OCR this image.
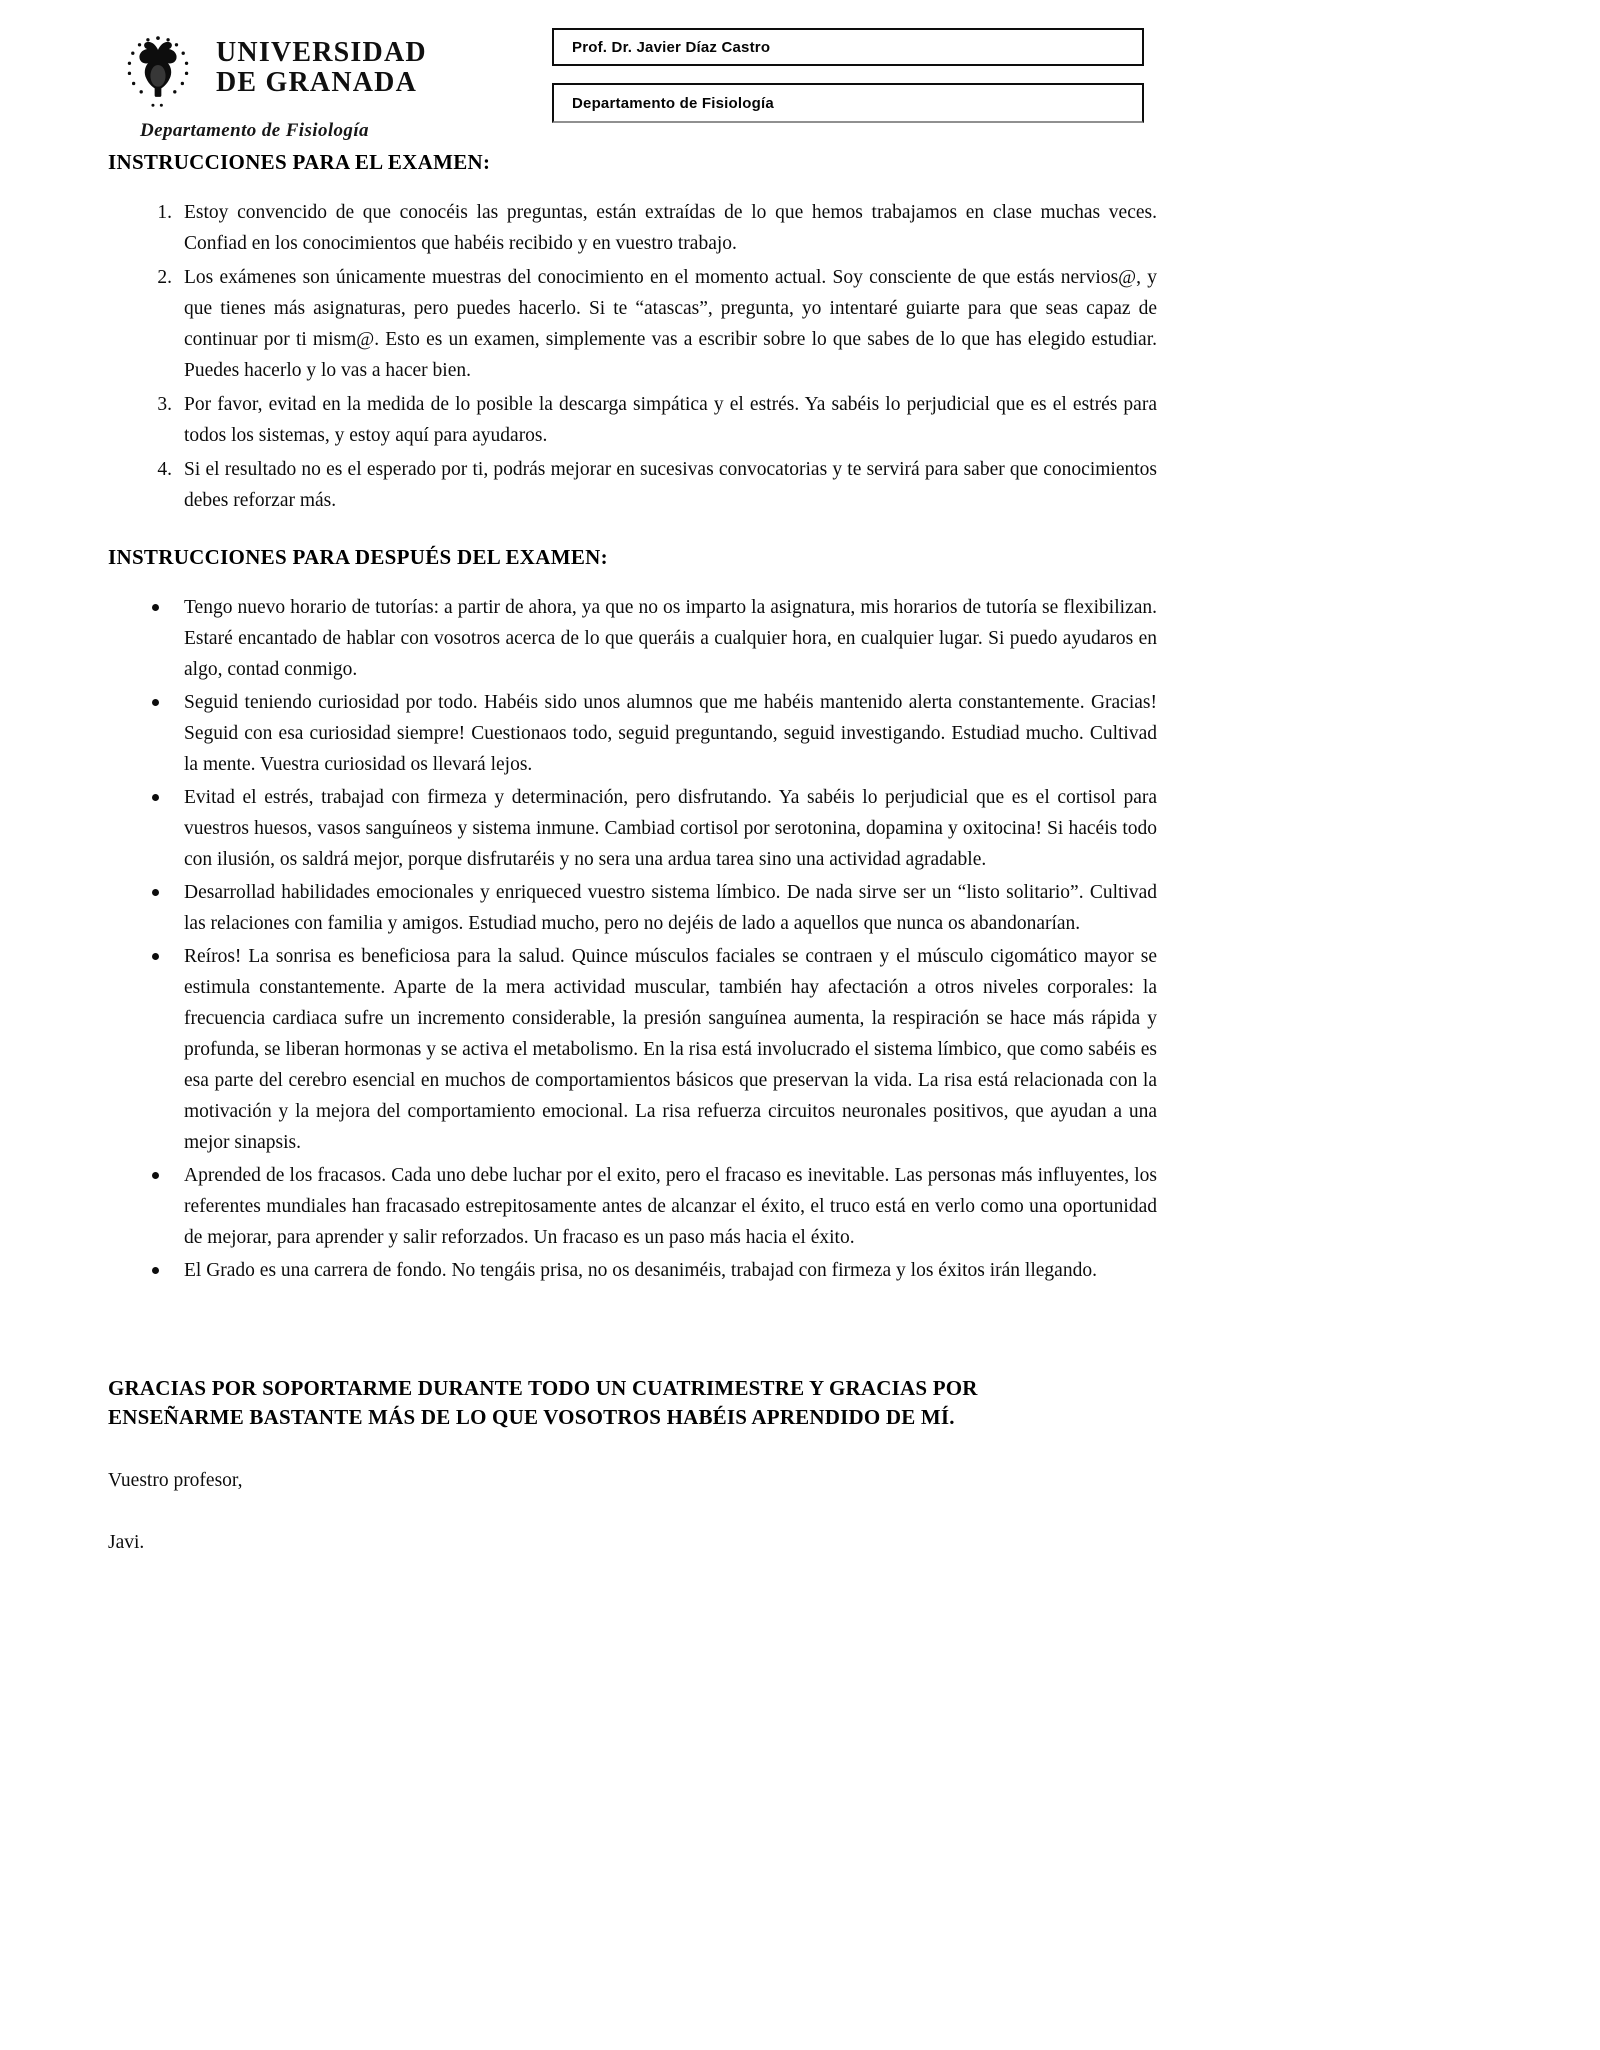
UNIVERSIDAD
DE GRANADA
Departamento de Fisiología
Prof. Dr. Javier Díaz Castro
Departamento de Fisiología
INSTRUCCIONES PARA EL EXAMEN:
1. Estoy convencido de que conocéis las preguntas, están extraídas de lo que hemos trabajamos en clase muchas veces. Confiad en los conocimientos que habéis recibido y en vuestro trabajo.
2. Los exámenes son únicamente muestras del conocimiento en el momento actual. Soy consciente de que estás nervios@, y que tienes más asignaturas, pero puedes hacerlo. Si te “atascas”, pregunta, yo intentaré guiarte para que seas capaz de continuar por ti mism@. Esto es un examen, simplemente vas a escribir sobre lo que sabes de lo que has elegido estudiar. Puedes hacerlo y lo vas a hacer bien.
3. Por favor, evitad en la medida de lo posible la descarga simpática y el estrés. Ya sabéis lo perjudicial que es el estrés para todos los sistemas, y estoy aquí para ayudaros.
4. Si el resultado no es el esperado por ti, podrás mejorar en sucesivas convocatorias y te servirá para saber que conocimientos debes reforzar más.
INSTRUCCIONES PARA DESPUÉS DEL EXAMEN:
Tengo nuevo horario de tutorías: a partir de ahora, ya que no os imparto la asignatura, mis horarios de tutoría se flexibilizan. Estaré encantado de hablar con vosotros acerca de lo que queráis a cualquier hora, en cualquier lugar. Si puedo ayudaros en algo, contad conmigo.
Seguid teniendo curiosidad por todo. Habéis sido unos alumnos que me habéis mantenido alerta constantemente. Gracias! Seguid con esa curiosidad siempre! Cuestionaos todo, seguid preguntando, seguid investigando. Estudiad mucho. Cultivad la mente. Vuestra curiosidad os llevará lejos.
Evitad el estrés, trabajad con firmeza y determinación, pero disfrutando. Ya sabéis lo perjudicial que es el cortisol para vuestros huesos, vasos sanguíneos y sistema inmune. Cambiad cortisol por serotonina, dopamina y oxitocina! Si hacéis todo con ilusión, os saldrá mejor, porque disfrutaréis y no sera una ardua tarea sino una actividad agradable.
Desarrollad habilidades emocionales y enriqueced vuestro sistema límbico. De nada sirve ser un “listo solitario”. Cultivad las relaciones con familia y amigos. Estudiad mucho, pero no dejéis de lado a aquellos que nunca os abandonarían.
Reíros! La sonrisa es beneficiosa para la salud. Quince músculos faciales se contraen y el músculo cigomático mayor se estimula constantemente. Aparte de la mera actividad muscular, también hay afectación a otros niveles corporales: la frecuencia cardiaca sufre un incremento considerable, la presión sanguínea aumenta, la respiración se hace más rápida y profunda, se liberan hormonas y se activa el metabolismo. En la risa está involucrado el sistema límbico, que como sabéis es esa parte del cerebro esencial en muchos de comportamientos básicos que preservan la vida. La risa está relacionada con la motivación y la mejora del comportamiento emocional. La risa refuerza circuitos neuronales positivos, que ayudan a una mejor sinapsis.
Aprended de los fracasos. Cada uno debe luchar por el exito, pero el fracaso es inevitable. Las personas más influyentes, los referentes mundiales han fracasado estrepitosamente antes de alcanzar el éxito, el truco está en verlo como una oportunidad de mejorar, para aprender y salir reforzados. Un fracaso es un paso más hacia el éxito.
El Grado es una carrera de fondo. No tengáis prisa, no os desaniméis, trabajad con firmeza y los éxitos irán llegando.
GRACIAS POR SOPORTARME DURANTE TODO UN CUATRIMESTRE Y GRACIAS POR
ENSEÑARME BASTANTE MÁS DE LO QUE VOSOTROS HABÉIS APRENDIDO DE MÍ.
Vuestro profesor,
Javi.
